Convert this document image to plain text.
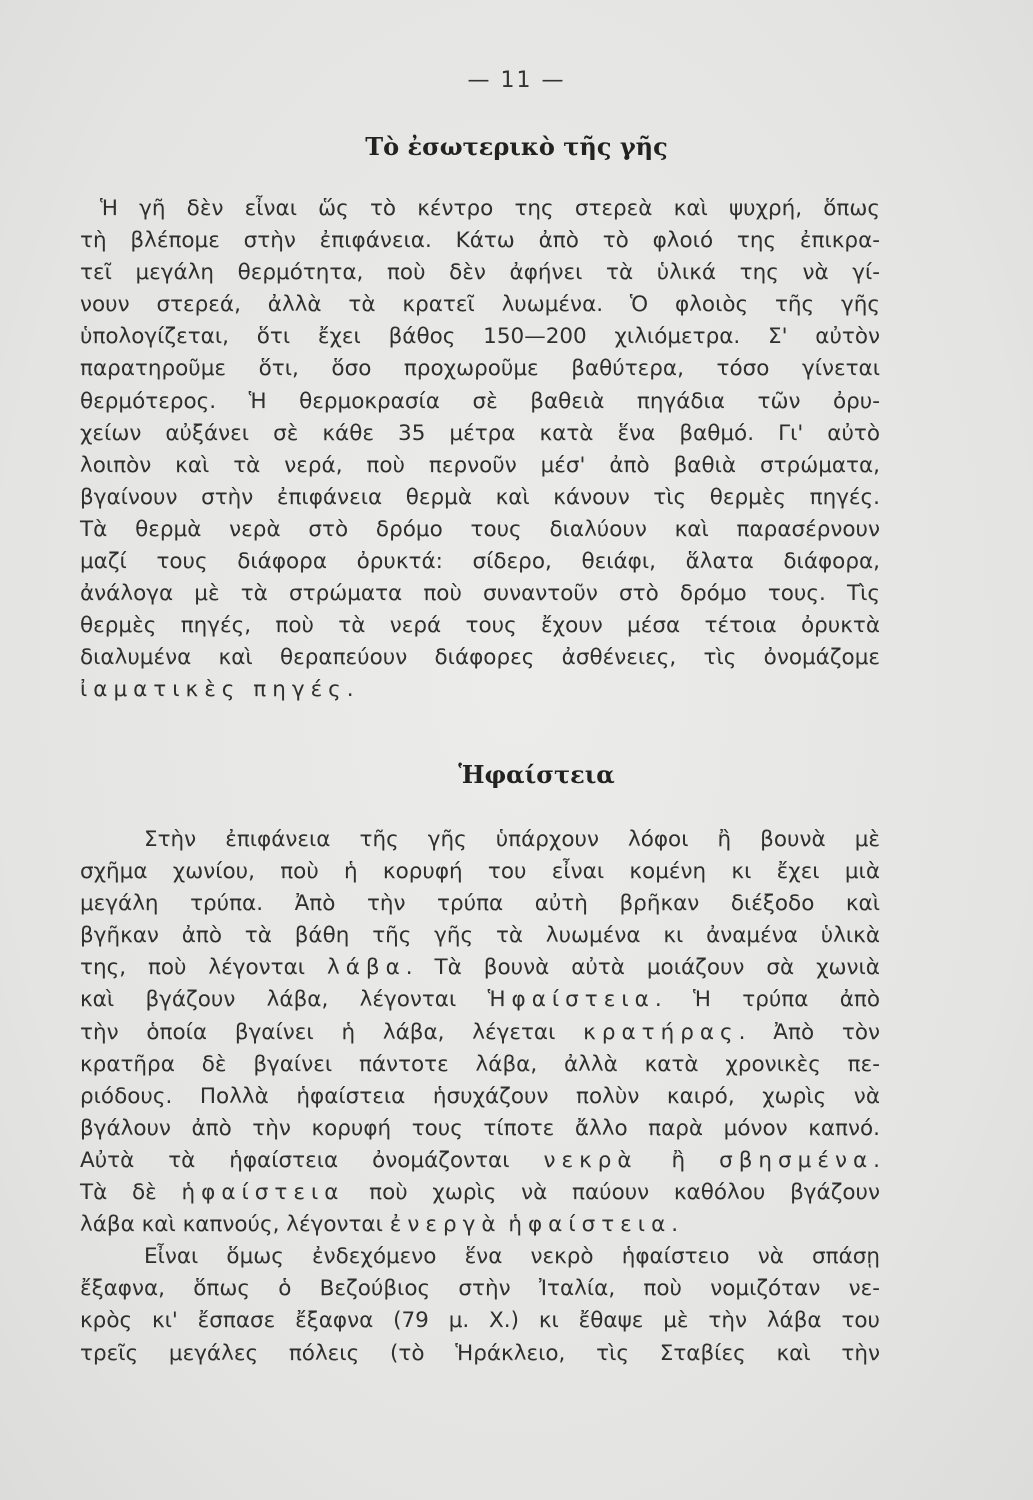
— 11 —
Τὸ ἐσωτερικὸ τῆς γῆς
Ἡ γῆ δὲν εἶναι ὥς τὸ κέντρο της στερεὰ καὶ ψυχρή, ὅπως
τὴ βλέπομε στὴν ἐπιφάνεια. Κάτω ἀπὸ τὸ φλοιό της ἐπικρα-
τεῖ μεγάλη θερμότητα, ποὺ δὲν ἀφήνει τὰ ὑλικά της νὰ γί-
νουν στερεά, ἀλλὰ τὰ κρατεῖ λυωμένα. Ὁ φλοιὸς τῆς γῆς
ὑπολογίζεται, ὅτι ἔχει βάθος 150—200 χιλιόμετρα. Σ' αὐτὸν
παρατηροῦμε ὅτι, ὅσο προχωροῦμε βαθύτερα, τόσο γίνεται
θερμότερος. Ἡ θερμοκρασία σὲ βαθειὰ πηγάδια τῶν ὀρυ-
χείων αὐξάνει σὲ κάθε 35 μέτρα κατὰ ἕνα βαθμό. Γι' αὐτὸ
λοιπὸν καὶ τὰ νερά, ποὺ περνοῦν μέσ' ἀπὸ βαθιὰ στρώματα,
βγαίνουν στὴν ἐπιφάνεια θερμὰ καὶ κάνουν τὶς θερμὲς πηγές.
Τὰ θερμὰ νερὰ στὸ δρόμο τους διαλύουν καὶ παρασέρνουν
μαζί τους διάφορα ὀρυκτά: σίδερο, θειάφι, ἅλατα διάφορα,
ἀνάλογα μὲ τὰ στρώματα ποὺ συναντοῦν στὸ δρόμο τους. Τὶς
θερμὲς πηγές, ποὺ τὰ νερά τους ἔχουν μέσα τέτοια ὀρυκτὰ
διαλυμένα καὶ θεραπεύουν διάφορες ἀσθένειες, τὶς ὀνομάζομε
ἰαματικὲς πηγές.
Ἡφαίστεια
Στὴν ἐπιφάνεια τῆς γῆς ὑπάρχουν λόφοι ἢ βουνὰ μὲ
σχῆμα χωνίου, ποὺ ἡ κορυφή του εἶναι κομένη κι ἔχει μιὰ
μεγάλη τρύπα. Ἀπὸ τὴν τρύπα αὐτὴ βρῆκαν διέξοδο καὶ
βγῆκαν ἀπὸ τὰ βάθη τῆς γῆς τὰ λυωμένα κι ἀναμένα ὑλικὰ
της, ποὺ λέγονται λάβα. Τὰ βουνὰ αὐτὰ μοιάζουν σὰ χωνιὰ
καὶ βγάζουν λάβα, λέγονται Ἡφαίστεια. Ἡ τρύπα ἀπὸ
τὴν ὁποία βγαίνει ἡ λάβα, λέγεται κρατήρας. Ἀπὸ τὸν
κρατῆρα δὲ βγαίνει πάντοτε λάβα, ἀλλὰ κατὰ χρονικὲς πε-
ριόδους. Πολλὰ ἡφαίστεια ἡσυχάζουν πολὺν καιρό, χωρὶς νὰ
βγάλουν ἀπὸ τὴν κορυφή τους τίποτε ἄλλο παρὰ μόνον καπνό.
Αὐτὰ τὰ ἡφαίστεια ὀνομάζονται νεκρὰ ἢ σβησμένα.
Τὰ δὲ ἡφαίστεια ποὺ χωρὶς νὰ παύουν καθόλου βγάζουν
λάβα καὶ καπνούς, λέγονται ἐνεργὰ ἡφαίστεια.
Εἶναι ὅμως ἐνδεχόμενο ἕνα νεκρὸ ἡφαίστειο νὰ σπάσῃ
ἔξαφνα, ὅπως ὁ Βεζούβιος στὴν Ἰταλία, ποὺ νομιζόταν νε-
κρὸς κι' ἔσπασε ἔξαφνα (79 μ. Χ.) κι ἔθαψε μὲ τὴν λάβα του
τρεῖς μεγάλες πόλεις (τὸ Ἡράκλειο, τὶς Σταβίες καὶ τὴν
